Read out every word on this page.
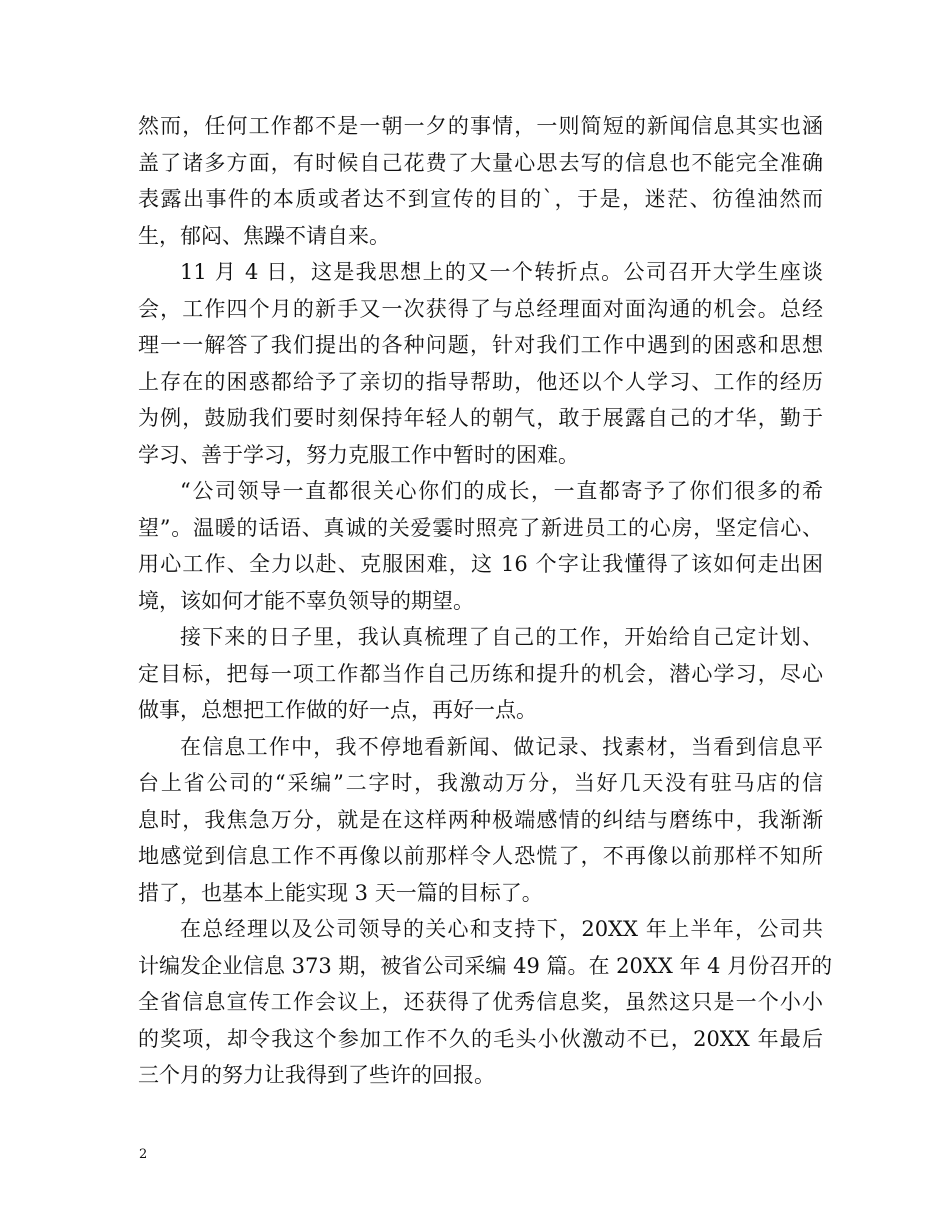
然而，任何工作都不是一朝一夕的事情，一则简短的新闻信息其实也涵
盖了诸多方面，有时候自己花费了大量心思去写的信息也不能完全准确
表露出事件的本质或者达不到宣传的目的`，于是，迷茫、彷徨油然而
生，郁闷、焦躁不请自来。
11 月 4 日，这是我思想上的又一个转折点。公司召开大学生座谈
会，工作四个月的新手又一次获得了与总经理面对面沟通的机会。总经
理一一解答了我们提出的各种问题，针对我们工作中遇到的困惑和思想
上存在的困惑都给予了亲切的指导帮助，他还以个人学习、工作的经历
为例，鼓励我们要时刻保持年轻人的朝气，敢于展露自己的才华，勤于
学习、善于学习，努力克服工作中暂时的困难。
“公司领导一直都很关心你们的成长，一直都寄予了你们很多的希
望”。温暖的话语、真诚的关爱霎时照亮了新进员工的心房，坚定信心、
用心工作、全力以赴、克服困难，这 16 个字让我懂得了该如何走出困
境，该如何才能不辜负领导的期望。
接下来的日子里，我认真梳理了自己的工作，开始给自己定计划、
定目标，把每一项工作都当作自己历练和提升的机会，潜心学习，尽心
做事，总想把工作做的好一点，再好一点。
在信息工作中，我不停地看新闻、做记录、找素材，当看到信息平
台上省公司的“采编”二字时，我激动万分，当好几天没有驻马店的信
息时，我焦急万分，就是在这样两种极端感情的纠结与磨练中，我渐渐
地感觉到信息工作不再像以前那样令人恐慌了，不再像以前那样不知所
措了，也基本上能实现 3 天一篇的目标了。
在总经理以及公司领导的关心和支持下，20XX 年上半年，公司共
计编发企业信息 373 期，被省公司采编 49 篇。在 20XX 年 4 月份召开的
全省信息宣传工作会议上，还获得了优秀信息奖，虽然这只是一个小小
的奖项，却令我这个参加工作不久的毛头小伙激动不已，20XX 年最后
三个月的努力让我得到了些许的回报。
2
